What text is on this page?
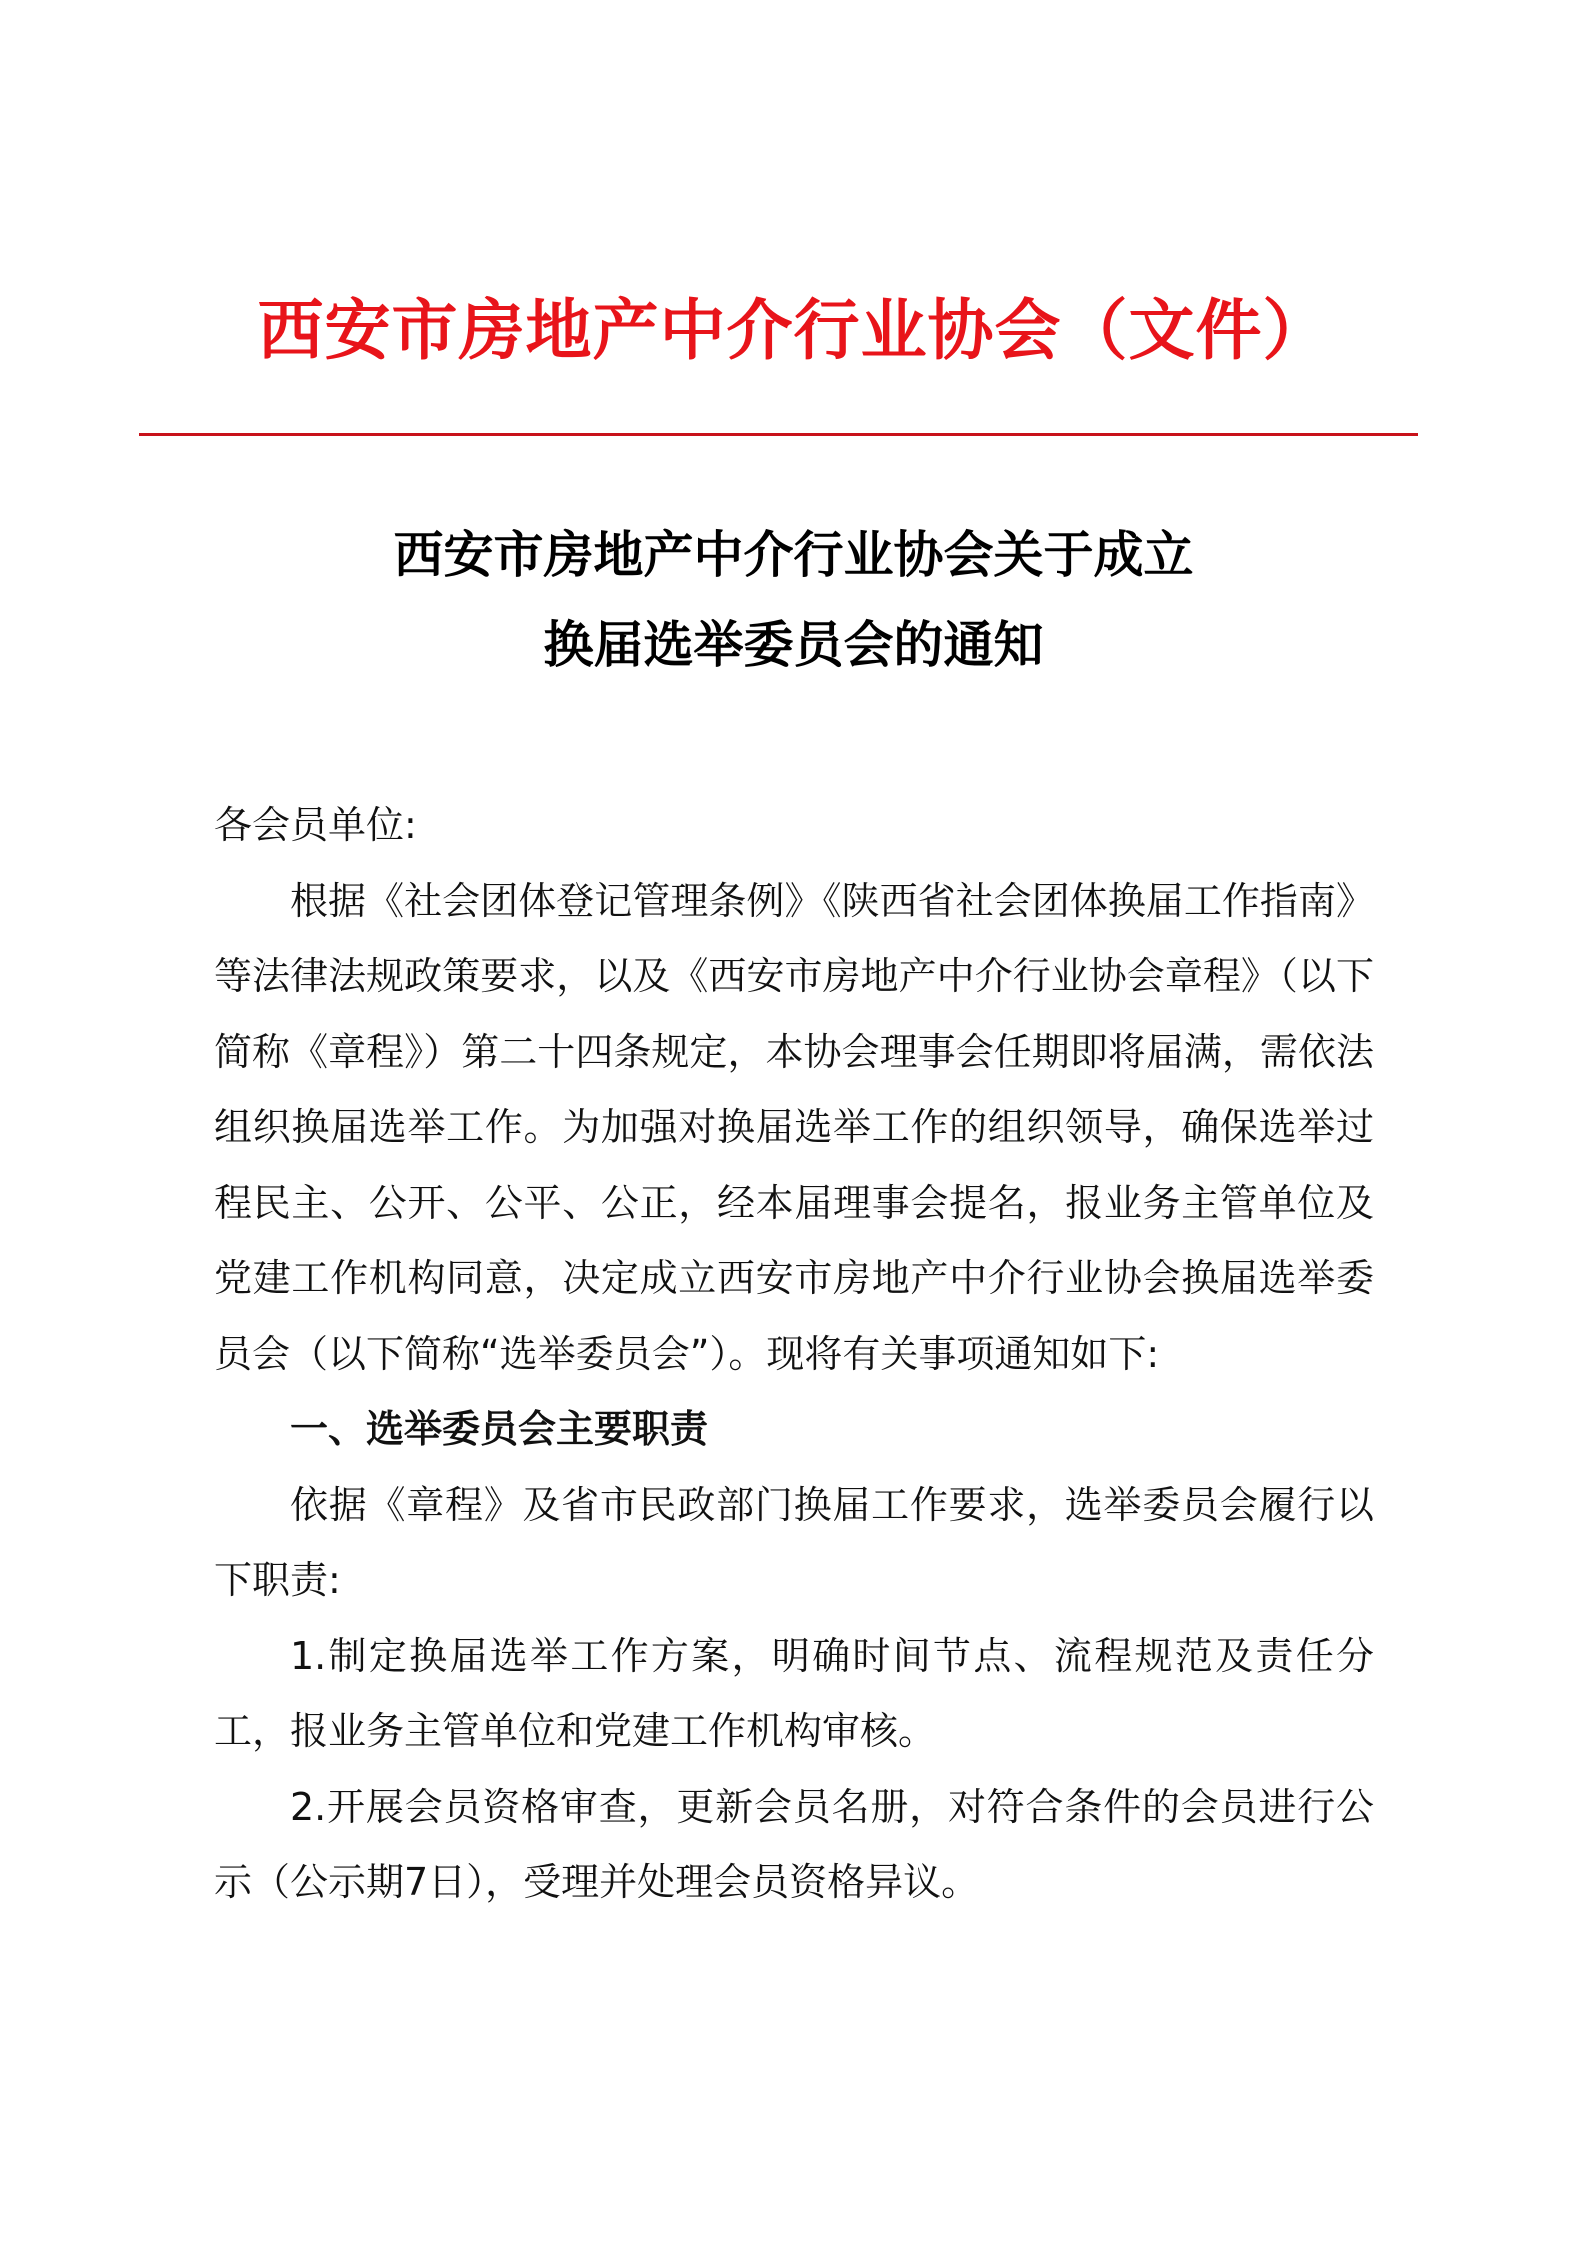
西安市房地产中介行业协会（文件）
西安市房地产中介行业协会关于成立
换届选举委员会的通知

各会员单位:

根据《社会团体登记管理条例》《陕西省社会团体换届工作指南》等法律法规政策要求，以及《西安市房地产中介行业协会章程》（以下简称《章程》）第二十四条规定，本协会理事会任期即将届满，需依法组织换届选举工作。为加强对换届选举工作的组织领导，确保选举过程民主、公开、公平、公正，经本届理事会提名，报业务主管单位及党建工作机构同意，决定成立西安市房地产中介行业协会换届选举委员会（以下简称“选举委员会”）。现将有关事项通知如下:

一、选举委员会主要职责

依据《章程》及省市民政部门换届工作要求，选举委员会履行以下职责:

1.制定换届选举工作方案，明确时间节点、流程规范及责任分工，报业务主管单位和党建工作机构审核。

2.开展会员资格审查，更新会员名册，对符合条件的会员进行公示（公示期7日），受理并处理会员资格异议。
